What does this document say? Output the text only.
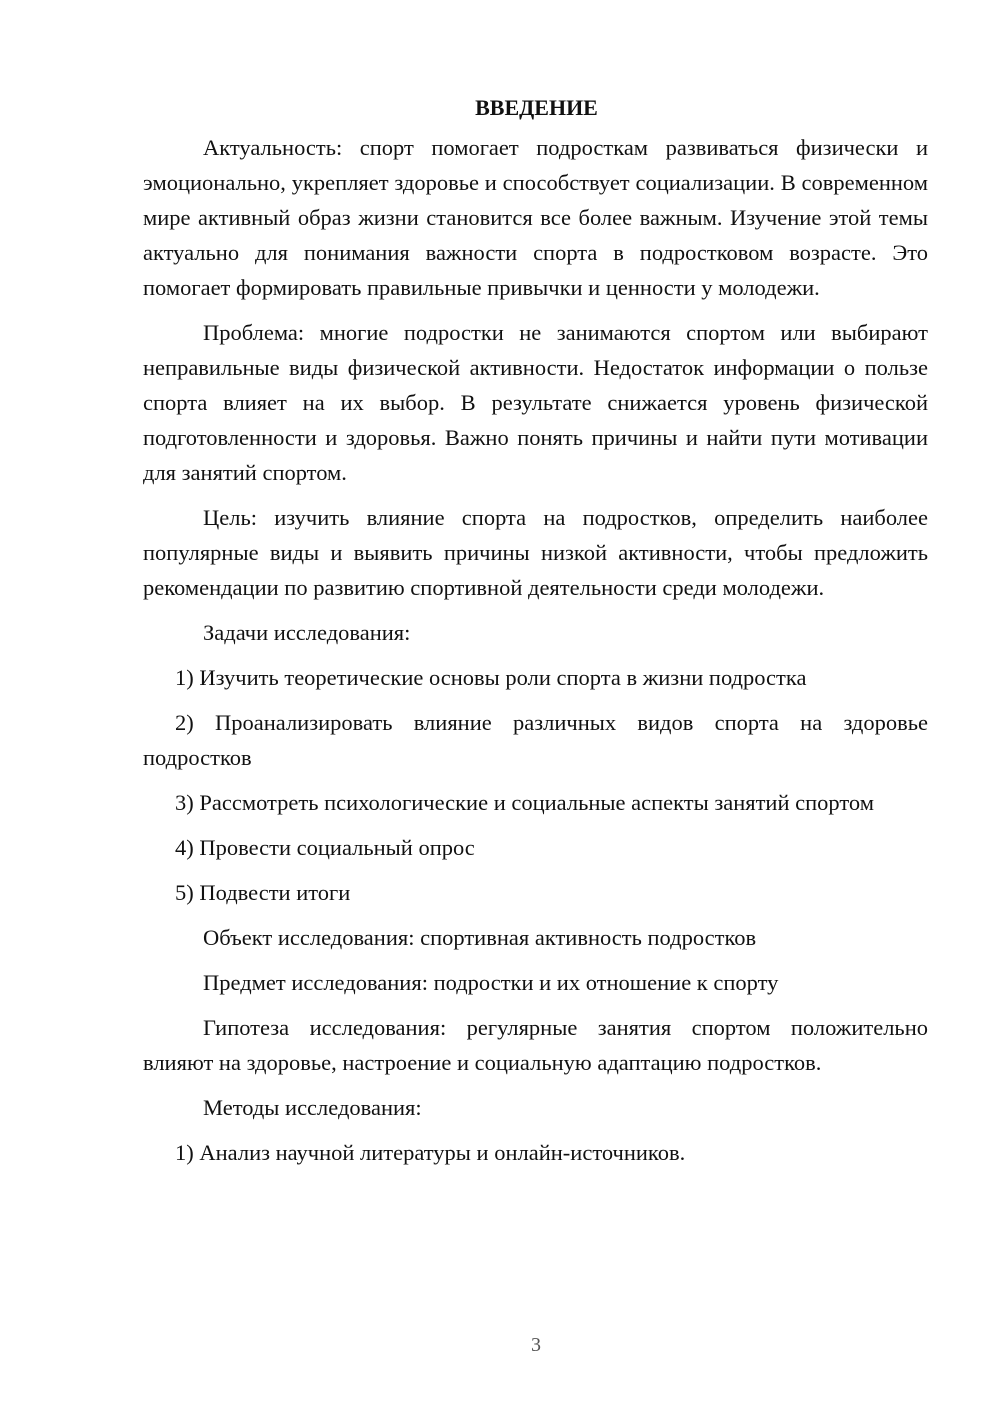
ВВЕДЕНИЕ

Актуальность: спорт помогает подросткам развиваться физически и эмоционально, укрепляет здоровье и способствует социализации. В современном мире активный образ жизни становится все более важным. Изучение этой темы актуально для понимания важности спорта в подростковом возрасте. Это помогает формировать правильные привычки и ценности у молодежи.

Проблема: многие подростки не занимаются спортом или выбирают неправильные виды физической активности. Недостаток информации о пользе спорта влияет на их выбор. В результате снижается уровень физической подготовленности и здоровья. Важно понять причины и найти пути мотивации для занятий спортом.

Цель: изучить влияние спорта на подростков, определить наиболее популярные виды и выявить причины низкой активности, чтобы предложить рекомендации по развитию спортивной деятельности среди молодежи.

Задачи исследования:

1) Изучить теоретические основы роли спорта в жизни подростка

2) Проанализировать влияние различных видов спорта на здоровье подростков

3) Рассмотреть психологические и социальные аспекты занятий спортом

4) Провести социальный опрос

5) Подвести итоги

Объект исследования: спортивная активность подростков

Предмет исследования: подростки и их отношение к спорту

Гипотеза исследования: регулярные занятия спортом положительно влияют на здоровье, настроение и социальную адаптацию подростков.

Методы исследования:

1) Анализ научной литературы и онлайн-источников.

3
